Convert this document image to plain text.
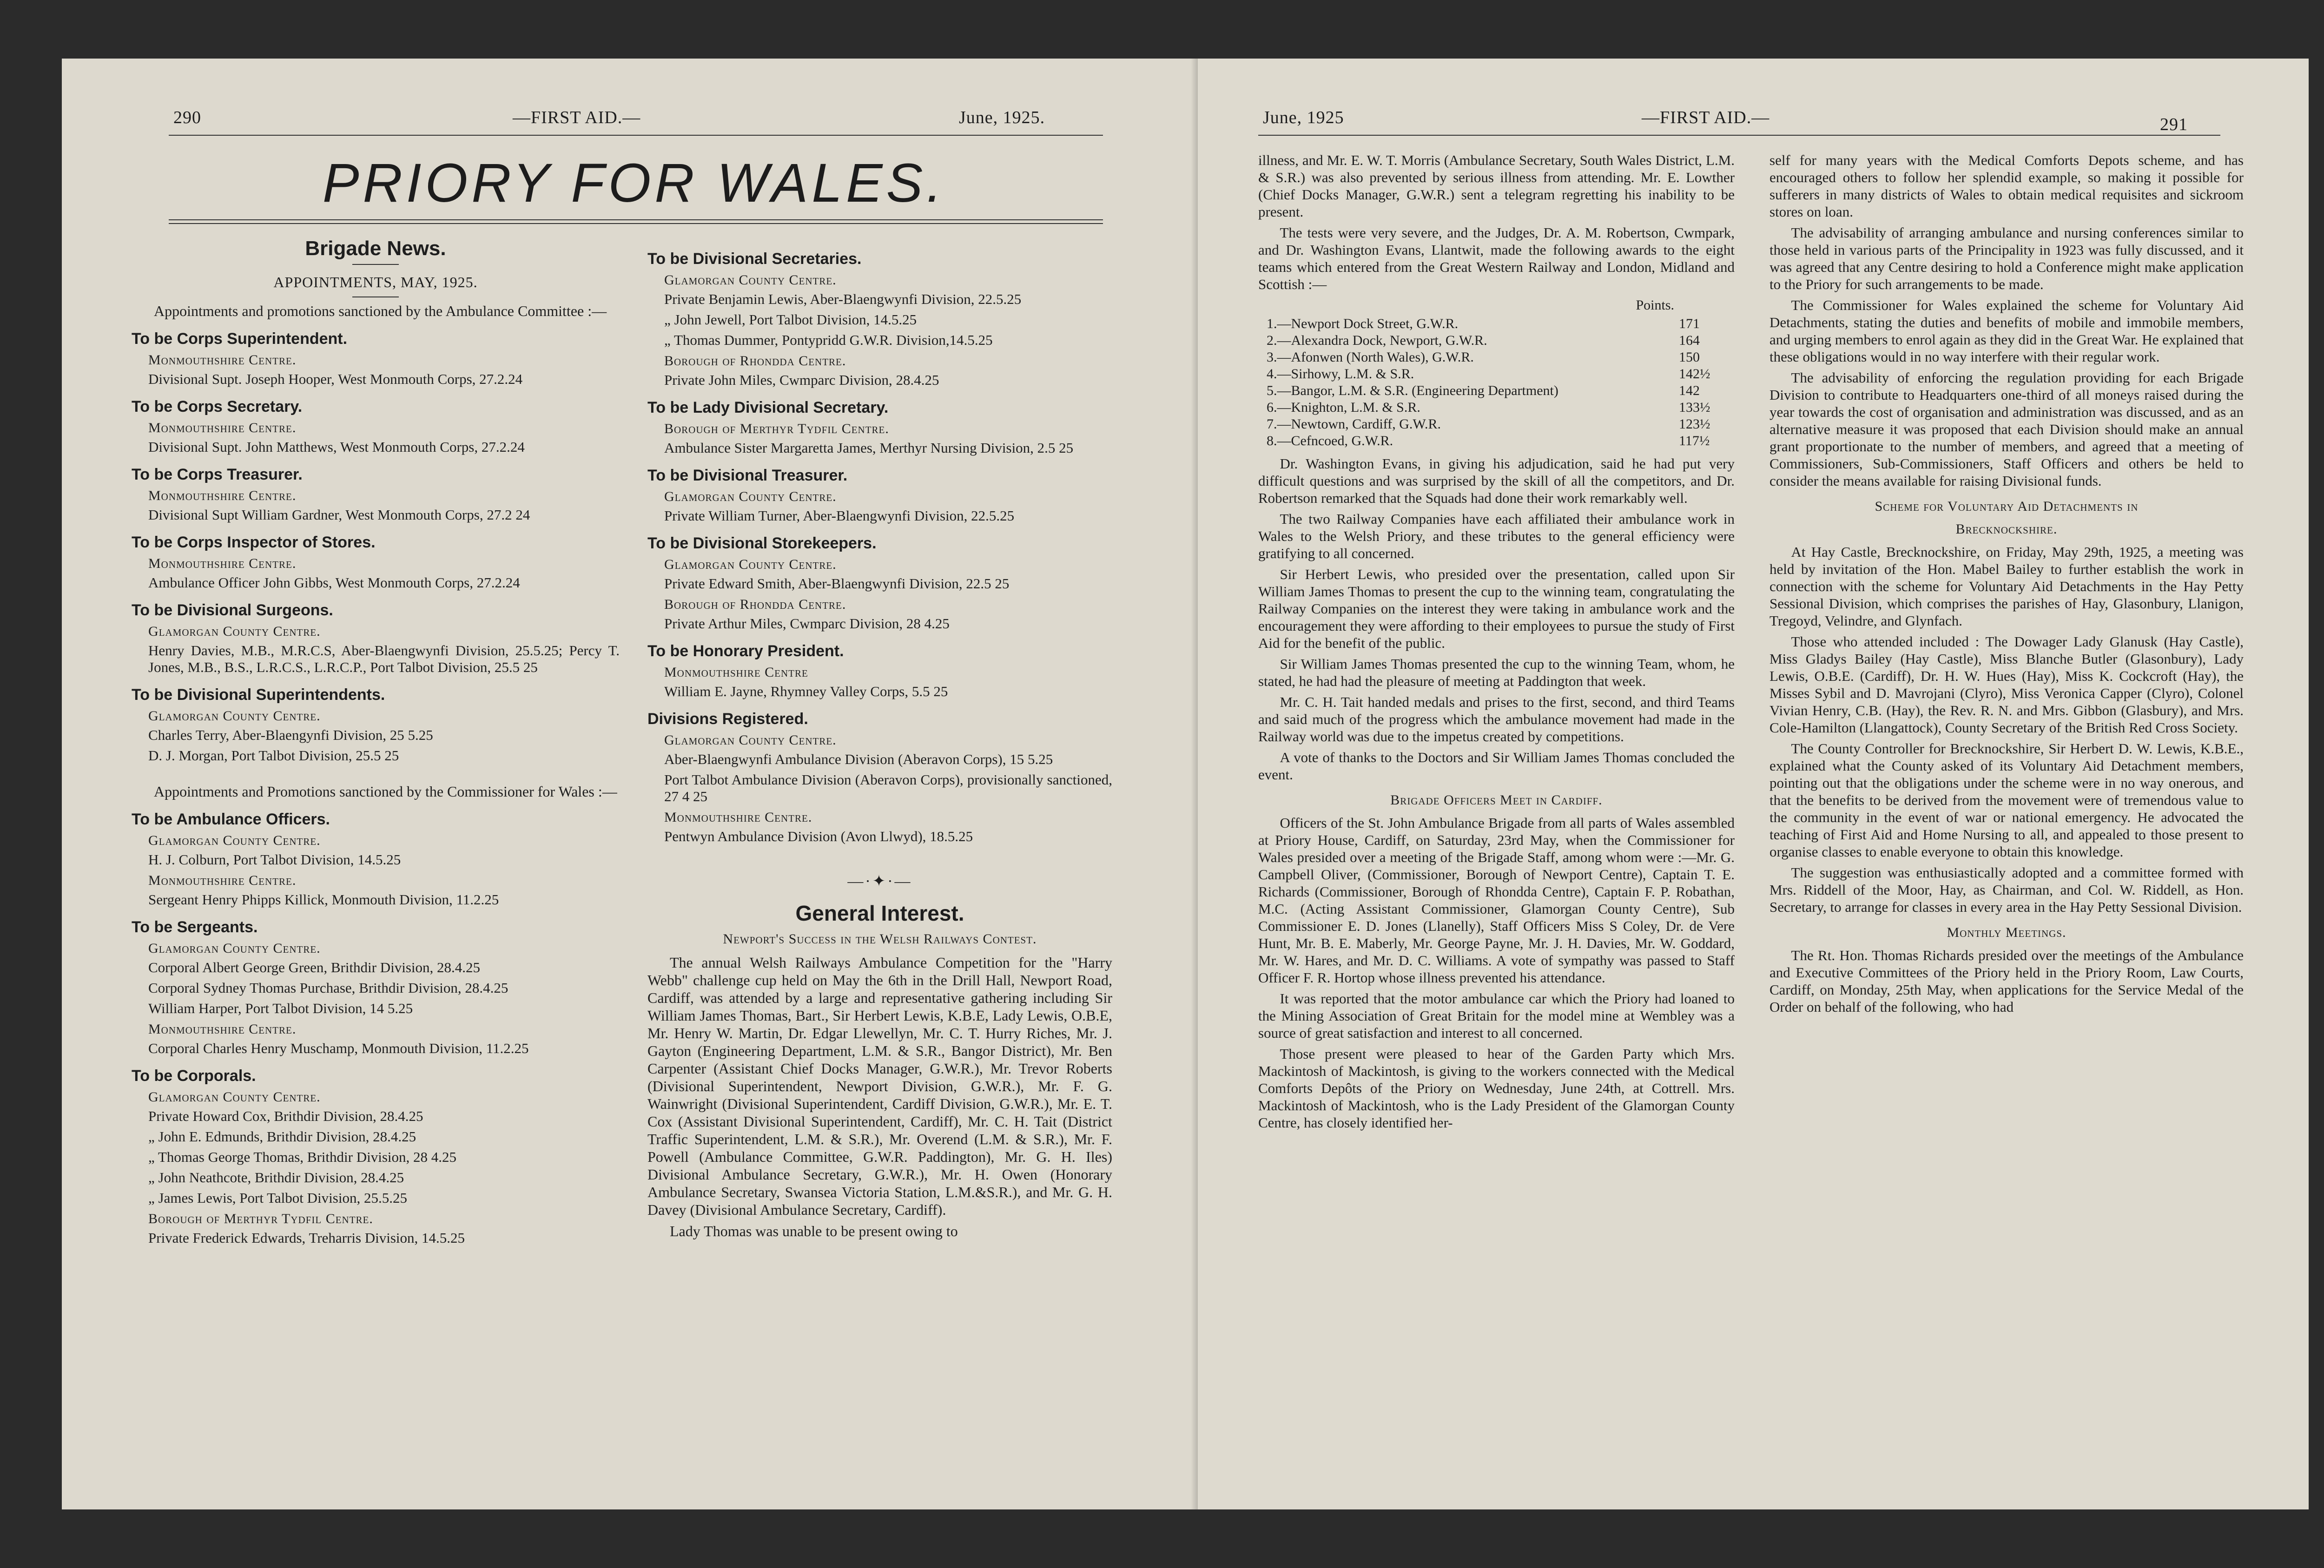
290	—FIRST AID.—	June, 1925.
PRIORY FOR WALES.
Brigade News.
APPOINTMENTS, MAY, 1925.

Appointments and promotions sanctioned by the Ambulance Committee :—

To be Corps Superintendent.
Monmouthshire Centre.

Divisional Supt. Joseph Hooper, West Monmouth Corps, 27.2.24

To be Corps Secretary.
Monmouthshire Centre.

Divisional Supt. John Matthews, West Monmouth Corps, 27.2.24

To be Corps Treasurer.
Monmouthshire Centre.

Divisional Supt William Gardner, West Monmouth Corps, 27.2 24

To be Corps Inspector of Stores.
Monmouthshire Centre.

Ambulance Officer John Gibbs, West Monmouth Corps, 27.2.24

To be Divisional Surgeons.
Glamorgan County Centre.

Henry Davies, M.B., M.R.C.S, Aber-Blaengwynfi Division, 25.5.25; Percy T. Jones, M.B., B.S., L.R.C.S., L.R.C.P., Port Talbot Division, 25.5 25

To be Divisional Superintendents.
Glamorgan County Centre.

Charles Terry, Aber-Blaengynfi Division, 25 5.25

D. J. Morgan, Port Talbot Division, 25.5 25

Appointments and Promotions sanctioned by the Commissioner for Wales :—

To be Ambulance Officers.
Glamorgan County Centre.

H. J. Colburn, Port Talbot Division, 14.5.25

Monmouthshire Centre.

Sergeant Henry Phipps Killick, Monmouth Division, 11.2.25

To be Sergeants.
Glamorgan County Centre.

Corporal Albert George Green, Brithdir Division, 28.4.25

Corporal Sydney Thomas Purchase, Brithdir Division, 28.4.25

William Harper, Port Talbot Division, 14 5.25

Monmouthshire Centre.

Corporal Charles Henry Muschamp, Monmouth Division, 11.2.25

To be Corporals.
Glamorgan County Centre.

Private Howard Cox, Brithdir Division, 28.4.25

„ John E. Edmunds, Brithdir Division, 28.4.25

„ Thomas George Thomas, Brithdir Division, 28 4.25

„ John Neathcote, Brithdir Division, 28.4.25

„ James Lewis, Port Talbot Division, 25.5.25

Borough of Merthyr Tydfil Centre.

Private Frederick Edwards, Treharris Division, 14.5.25

To be Divisional Secretaries.
Glamorgan County Centre.

Private Benjamin Lewis, Aber-Blaengwynfi Division, 22.5.25

„ John Jewell, Port Talbot Division, 14.5.25

„ Thomas Dummer, Pontypridd G.W.R. Division,14.5.25

Borough of Rhondda Centre.

Private John Miles, Cwmparc Division, 28.4.25

To be Lady Divisional Secretary.
Borough of Merthyr Tydfil Centre.

Ambulance Sister Margaretta James, Merthyr Nursing Division, 2.5 25

To be Divisional Treasurer.
Glamorgan County Centre.

Private William Turner, Aber-Blaengwynfi Division, 22.5.25

To be Divisional Storekeepers.
Glamorgan County Centre.

Private Edward Smith, Aber-Blaengwynfi Division, 22.5 25

Borough of Rhondda Centre.

Private Arthur Miles, Cwmparc Division, 28 4.25

To be Honorary President.
Monmouthshire Centre

William E. Jayne, Rhymney Valley Corps, 5.5 25

Divisions Registered.
Glamorgan County Centre.

Aber-Blaengwynfi Ambulance Division (Aberavon Corps), 15 5.25

Port Talbot Ambulance Division (Aberavon Corps), provisionally sanctioned, 27 4 25

Monmouthshire Centre.

Pentwyn Ambulance Division (Avon Llwyd), 18.5.25

—·✦·—
General Interest.
Newport's Success in the Welsh Railways Contest.

The annual Welsh Railways Ambulance Competition for the "Harry Webb" challenge cup held on May the 6th in the Drill Hall, Newport Road, Cardiff, was attended by a large and representative gathering including Sir William James Thomas, Bart., Sir Herbert Lewis, K.B.E, Lady Lewis, O.B.E, Mr. Henry W. Martin, Dr. Edgar Llewellyn, Mr. C. T. Hurry Riches, Mr. J. Gayton (Engineering Department, L.M. & S.R., Bangor District), Mr. Ben Carpenter (Assistant Chief Docks Manager, G.W.R.), Mr. Trevor Roberts (Divisional Superintendent, Newport Division, G.W.R.), Mr. F. G. Wainwright (Divisional Superintendent, Cardiff Division, G.W.R.), Mr. E. T. Cox (Assistant Divisional Superintendent, Cardiff), Mr. C. H. Tait (District Traffic Superintendent, L.M. & S.R.), Mr. Overend (L.M. & S.R.), Mr. F. Powell (Ambulance Committee, G.W.R. Paddington), Mr. G. H. Iles) Divisional Ambulance Secretary, G.W.R.), Mr. H. Owen (Honorary Ambulance Secretary, Swansea Victoria Station, L.M.&S.R.), and Mr. G. H. Davey (Divisional Ambulance Secretary, Cardiff).

Lady Thomas was unable to be present owing to

June, 1925	—FIRST AID.—	291

illness, and Mr. E. W. T. Morris (Ambulance Secretary, South Wales District, L.M. & S.R.) was also prevented by serious illness from attending. Mr. E. Lowther (Chief Docks Manager, G.W.R.) sent a telegram regretting his inability to be present.

The tests were very severe, and the Judges, Dr. A. M. Robertson, Cwmpark, and Dr. Washington Evans, Llantwit, made the following awards to the eight teams which entered from the Great Western Railway and London, Midland and Scottish :—

Points.
1.—Newport Dock Street, G.W.R.	171
2.—Alexandra Dock, Newport, G.W.R.	164
3.—Afonwen (North Wales), G.W.R.	150
4.—Sirhowy, L.M. & S.R.	142½
5.—Bangor, L.M. & S.R. (Engineering Department)	142
6.—Knighton, L.M. & S.R.	133½
7.—Newtown, Cardiff, G.W.R.	123½
8.—Cefncoed, G.W.R.	117½

Dr. Washington Evans, in giving his adjudication, said he had put very difficult questions and was surprised by the skill of all the competitors, and Dr. Robertson remarked that the Squads had done their work remarkably well.

The two Railway Companies have each affiliated their ambulance work in Wales to the Welsh Priory, and these tributes to the general efficiency were gratifying to all concerned.

Sir Herbert Lewis, who presided over the presentation, called upon Sir William James Thomas to present the cup to the winning team, congratulating the Railway Companies on the interest they were taking in ambulance work and the encouragement they were affording to their employees to pursue the study of First Aid for the benefit of the public.

Sir William James Thomas presented the cup to the winning Team, whom, he stated, he had had the pleasure of meeting at Paddington that week.

Mr. C. H. Tait handed medals and prises to the first, second, and third Teams and said much of the progress which the ambulance movement had made in the Railway world was due to the impetus created by competitions.

A vote of thanks to the Doctors and Sir William James Thomas concluded the event.

Brigade Officers Meet in Cardiff.

Officers of the St. John Ambulance Brigade from all parts of Wales assembled at Priory House, Cardiff, on Saturday, 23rd May, when the Commissioner for Wales presided over a meeting of the Brigade Staff, among whom were :—Mr. G. Campbell Oliver, (Commissioner, Borough of Newport Centre), Captain T. E. Richards (Commissioner, Borough of Rhondda Centre), Captain F. P. Robathan, M.C. (Acting Assistant Commissioner, Glamorgan County Centre), Sub Commissioner E. D. Jones (Llanelly), Staff Officers Miss S Coley, Dr. de Vere Hunt, Mr. B. E. Maberly, Mr. George Payne, Mr. J. H. Davies, Mr. W. Goddard, Mr. W. Hares, and Mr. D. C. Williams. A vote of sympathy was passed to Staff Officer F. R. Hortop whose illness prevented his attendance.

It was reported that the motor ambulance car which the Priory had loaned to the Mining Association of Great Britain for the model mine at Wembley was a source of great satisfaction and interest to all concerned.

Those present were pleased to hear of the Garden Party which Mrs. Mackintosh of Mackintosh, is giving to the workers connected with the Medical Comforts Depôts of the Priory on Wednesday, June 24th, at Cottrell. Mrs. Mackintosh of Mackintosh, who is the Lady President of the Glamorgan County Centre, has closely identified her-

self for many years with the Medical Comforts Depots scheme, and has encouraged others to follow her splendid example, so making it possible for sufferers in many districts of Wales to obtain medical requisites and sickroom stores on loan.

The advisability of arranging ambulance and nursing conferences similar to those held in various parts of the Principality in 1923 was fully discussed, and it was agreed that any Centre desiring to hold a Conference might make application to the Priory for such arrangements to be made.

The Commissioner for Wales explained the scheme for Voluntary Aid Detachments, stating the duties and benefits of mobile and immobile members, and urging members to enrol again as they did in the Great War. He explained that these obligations would in no way interfere with their regular work.

The advisability of enforcing the regulation providing for each Brigade Division to contribute to Headquarters one-third of all moneys raised during the year towards the cost of organisation and administration was discussed, and as an alternative measure it was proposed that each Division should make an annual grant proportionate to the number of members, and agreed that a meeting of Commissioners, Sub-Commissioners, Staff Officers and others be held to consider the means available for raising Divisional funds.

Scheme for Voluntary Aid Detachments in
Brecknockshire.

At Hay Castle, Brecknockshire, on Friday, May 29th, 1925, a meeting was held by invitation of the Hon. Mabel Bailey to further establish the work in connection with the scheme for Voluntary Aid Detachments in the Hay Petty Sessional Division, which comprises the parishes of Hay, Glasonbury, Llanigon, Tregoyd, Velindre, and Glynfach.

Those who attended included : The Dowager Lady Glanusk (Hay Castle), Miss Gladys Bailey (Hay Castle), Miss Blanche Butler (Glasonbury), Lady Lewis, O.B.E. (Cardiff), Dr. H. W. Hues (Hay), Miss K. Cockcroft (Hay), the Misses Sybil and D. Mavrojani (Clyro), Miss Veronica Capper (Clyro), Colonel Vivian Henry, C.B. (Hay), the Rev. R. N. and Mrs. Gibbon (Glasbury), and Mrs. Cole-Hamilton (Llangattock), County Secretary of the British Red Cross Society.

The County Controller for Brecknockshire, Sir Herbert D. W. Lewis, K.B.E., explained what the County asked of its Voluntary Aid Detachment members, pointing out that the obligations under the scheme were in no way onerous, and that the benefits to be derived from the movement were of tremendous value to the community in the event of war or national emergency. He advocated the teaching of First Aid and Home Nursing to all, and appealed to those present to organise classes to enable everyone to obtain this knowledge.

The suggestion was enthusiastically adopted and a committee formed with Mrs. Riddell of the Moor, Hay, as Chairman, and Col. W. Riddell, as Hon. Secretary, to arrange for classes in every area in the Hay Petty Sessional Division.

Monthly Meetings.

The Rt. Hon. Thomas Richards presided over the meetings of the Ambulance and Executive Committees of the Priory held in the Priory Room, Law Courts, Cardiff, on Monday, 25th May, when applications for the Service Medal of the Order on behalf of the following, who had
